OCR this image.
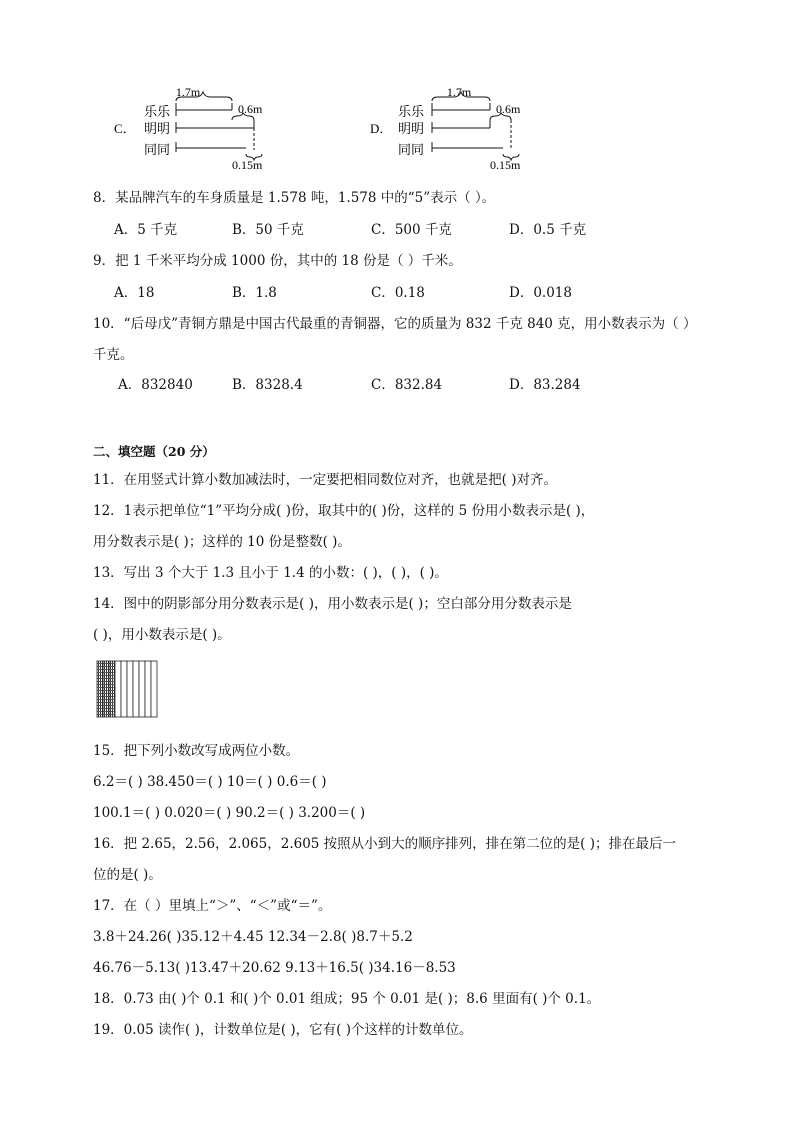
1.7m
乐乐	0.6m
C． 明明
同同
0.15m
1.7m
乐乐	0.6m
D． 明明
同同
0.15m
8．某品牌汽车的车身质量是 1.578 吨，1.578 中的“5”表示（ ）。
A．5 千克	B．50 千克	C．500 千克	D．0.5 千克
9．把 1 千米平均分成 1000 份，其中的 18 份是（ ）千米。
A．18	B．1.8	C．0.18	D．0.018
10．“后母戊”青铜方鼎是中国古代最重的青铜器，它的质量为 832 千克 840 克，用小数表示为（ ）
千克。
A．832840	B．8328.4	C．832.84	D．83.284
二、填空题（20 分）
11．在用竖式计算小数加减法时，一定要把相同数位对齐，也就是把( )对齐。
12．1表示把单位“1”平均分成( )份，取其中的( )份，这样的 5 份用小数表示是( )，
用分数表示是( )；这样的 10 份是整数( )。
13．写出 3 个大于 1.3 且小于 1.4 的小数：( )，( )，( )。
14．图中的阴影部分用分数表示是( )，用小数表示是( )；空白部分用分数表示是
( )，用小数表示是( )。
15．把下列小数改写成两位小数。
6.2＝( ) 38.450＝( ) 10＝( ) 0.6＝( )
100.1＝( ) 0.020＝( ) 90.2＝( ) 3.200＝( )
16．把 2.65，2.56，2.065，2.605 按照从小到大的顺序排列，排在第二位的是( )；排在最后一
位的是( )。
17．在（ ）里填上“＞”、“＜”或“＝”。
3.8＋24.26( )35.12＋4.45 12.34－2.8( )8.7＋5.2
46.76－5.13( )13.47＋20.62 9.13＋16.5( )34.16－8.53
18．0.73 由( )个 0.1 和( )个 0.01 组成；95 个 0.01 是( )；8.6 里面有( )个 0.1。
19．0.05 读作( )，计数单位是( )，它有( )个这样的计数单位。
